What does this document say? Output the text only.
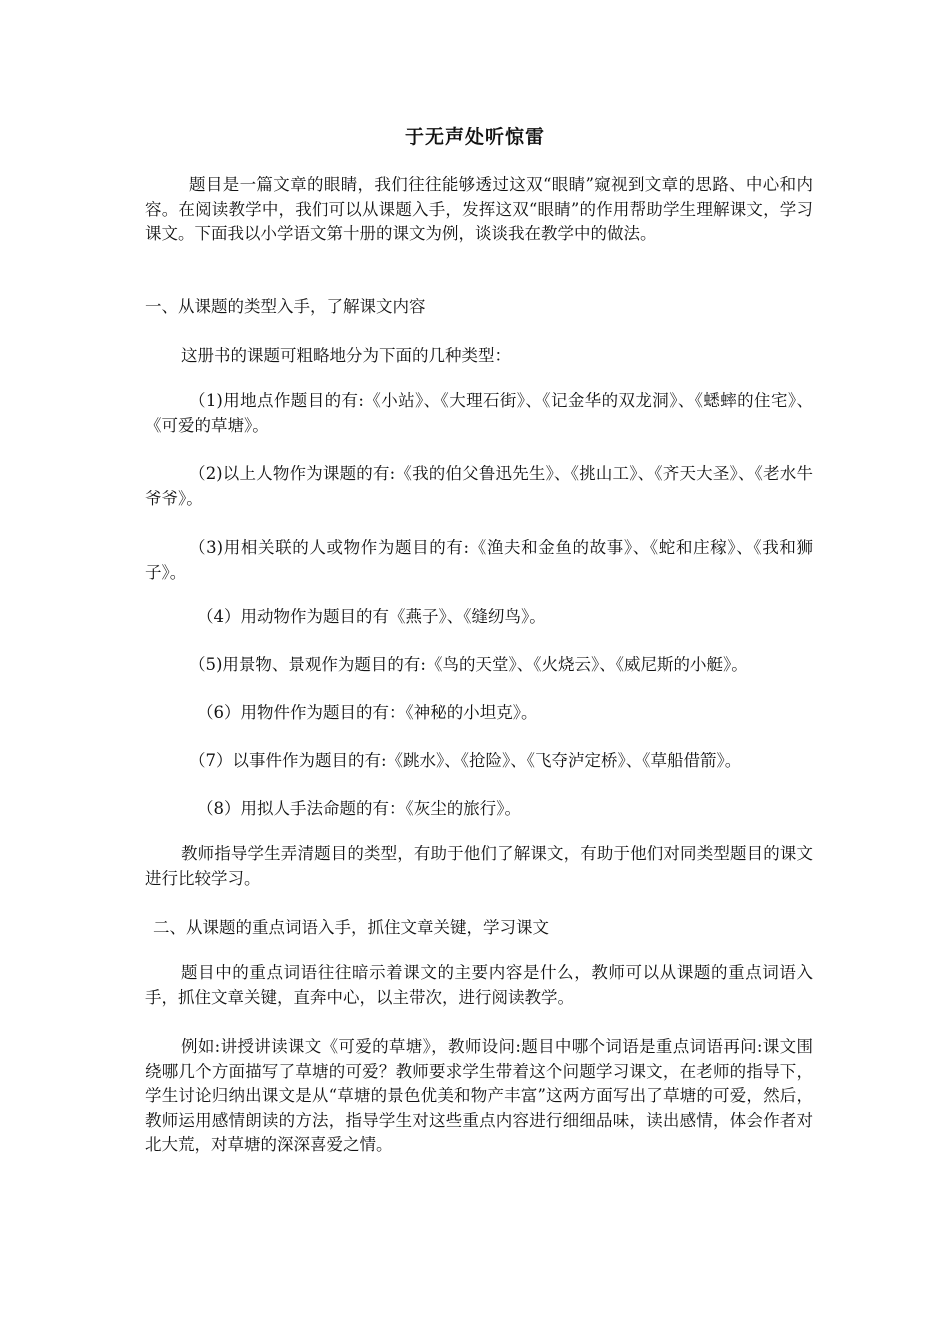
于无声处听惊雷

题目是一篇文章的眼睛，我们往往能够透过这双“眼睛”窥视到文章的思路、中心和内容。在阅读教学中，我们可以从课题入手，发挥这双“眼睛”的作用帮助学生理解课文，学习课文。下面我以小学语文第十册的课文为例，谈谈我在教学中的做法。

一、从课题的类型入手，了解课文内容

这册书的课题可粗略地分为下面的几种类型：

（1)用地点作题目的有:《小站》、《大理石街》、《记金华的双龙洞》、《蟋蟀的住宅》、《可爱的草塘》。

（2)以上人物作为课题的有:《我的伯父鲁迅先生》、《挑山工》、《齐天大圣》、《老水牛爷爷》。

（3)用相关联的人或物作为题目的有:《渔夫和金鱼的故事》、《蛇和庄稼》、《我和狮子》。

（4）用动物作为题目的有《燕子》、《缝纫鸟》。

（5)用景物、景观作为题目的有:《鸟的天堂》、《火烧云》、《威尼斯的小艇》。

（6）用物件作为题目的有：《神秘的小坦克》。

（7）以事件作为题目的有:《跳水》、《抢险》、《飞夺泸定桥》、《草船借箭》。

（8）用拟人手法命题的有：《灰尘的旅行》。

教师指导学生弄清题目的类型，有助于他们了解课文，有助于他们对同类型题目的课文进行比较学习。

二、从课题的重点词语入手，抓住文章关键，学习课文

题目中的重点词语往往暗示着课文的主要内容是什么，教师可以从课题的重点词语入手，抓住文章关键，直奔中心，以主带次，进行阅读教学。

例如:讲授讲读课文《可爱的草塘》，教师设问:题目中哪个词语是重点词语再问:课文围绕哪几个方面描写了草塘的可爱？教师要求学生带着这个问题学习课文，在老师的指导下，学生讨论归纳出课文是从“草塘的景色优美和物产丰富”这两方面写出了草塘的可爱，然后，教师运用感情朗读的方法，指导学生对这些重点内容进行细细品味，读出感情，体会作者对北大荒，对草塘的深深喜爱之情。
